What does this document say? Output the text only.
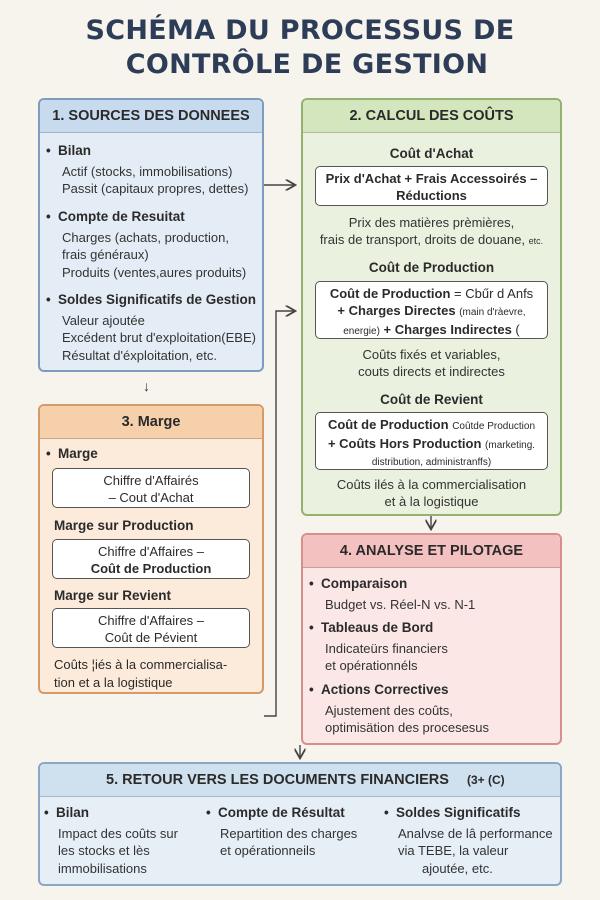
SCHÉMA DU PROCESSUS DE
CONTRÔLE DE GESTION
1. SOURCES DES DONNEES
• Bilan
Actif (stocks, immobilisations)
Passit (capitaux propres, dettes)
• Compte de Resuitat
Charges (achats, production,
frais généraux)
Produits (ventes,aures produits)
• Soldes Significatifs de Gestion
Valeur ajoutée
Excédent brut d'exploitation(EBE)
Résultat d'éxploitation, etc.
2. CALCUL DES COÛTS
Coût d'Achat
Prix d'Achat + Frais Accessoirés –
Réductions
Prix des matières prèmières,
frais de transport, droits de douane, etc.
Coût de Production
Coût de Production = Cbűr d Anfs
+ Charges Directes (main d'ràevre,
energie) + Charges Indirectes (
Coûts fixés et variables,
couts directs et indirectes
Coût de Revient
Coût de Production Coûtde Production
+ Coûts Hors Production (marketing.
distribution, administranffs)
Coûts ilés à la commercialisation
et à la logistique
3. Marge
• Marge
Chiffre d'Affairés
– Cout d'Achat
Marge sur Production
Chiffre d'Affaires –
Coût de Production
Marge sur Revient
Chiffre d'Affaires –
Coût de Pévient
Coûts ¦iés à la commercialisa-
tion et a la logistique
4. ANALYSE ET PILOTAGE
• Comparaison
Budget vs. Réel-N vs. N-1
• Tableaus de Bord
Indicateürs financiers
et opérationnéls
• Actions Correctives
Ajustement des coûts,
optimisätion des procesesus
5. RETOUR VERS LES DOCUMENTS FINANCIERS (3+ (C)
• Bilan
Impact des coûts sur
les stocks et lès
immobilisations
• Compte de Résultat
Repartition des charges
et opérationneils
• Soldes Significatifs
Analvse de lâ performance
via TEBE, la valeur
ajoutée, etc.
↓
